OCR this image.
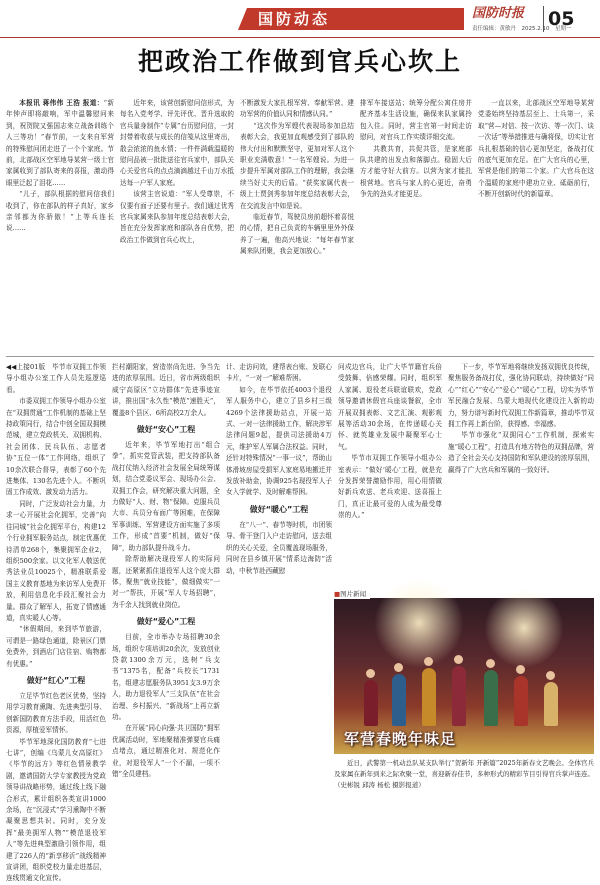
国防动态	国防时报 05
责任编辑：黄敏丹　2025.2.10　星期一
把政治工作做到官兵心坎上

本报讯 蒋伟伟 王浩 报道：“新年钟声即将敲响，军中温馨慰问来到，祝贺院又强国志来立战备训练个人三等功！”春节前，一支来自军营的特殊慰问团走进了一个个家庭。节前，北部战区空军地导某营一级士官家属收到了部队寄来的喜报，激动得眼里泛起了泪花……

“儿子，部队根据的慰问信我们收到了，你在部队的样子真好，家乡亲邻都为你骄傲！”上等兵连长说……

近年来，该营创新慰问信形式，为每名入党考学、评先评优、晋升选取的官兵量身制作“专属”台历慰问信，一封封带着收获与成长的信笺从这里寄出，散会浓浓的鱼水情；一件件满载温暖的慰问品被一批批送往官兵家中，部队关心关爱官兵的点点滴滴越过千山万水抵达每一户军人家庭。

该营主官说道：“军人受尊崇，不仅要有面子还要有里子。我们通过优秀官兵家属来队参加年度总结表彰大会，旨在充分发挥家庭和部队各自优势，把政治工作做到官兵心坎上，

不断激发大家扎根军营、奉献军营、建功军营的价值认同和情感认同。”

“这次作为军嫂代表现场参加总结表彰大会，我更加直观感受到了部队的伟大付出和默默坚守，更加对军人这个职业充满敬意！”一名军嫂说。为进一步提升军属对部队工作的理解，我会继续当好丈夫的后盾。“获奖家属代表一级上士贾剑秀参加年度总结表彰大会，在交流发言中如是说。

临近春节，驾驶员房前超怀着喜悦的心情，把自己负责的车辆里里外外保养了一遍，他高兴地说：“每年春节家属来队团聚，我会更加放心。”

排军车接送站；统筹分配公寓住房并配齐基本生活设施，确保来队家属拎包入住。同时，营主官第一时间走访慰问，对官兵工作实绩详细交流。

共教共育，共促共管，是家庭部队共建的出发点和落脚点。稳固大后方才能守好大前方。以营为家才能扎根营地。官兵与家人的心更近，奋勇争先的劲头才能更足。

一直以来，北部战区空军地导某营党委始终坚持基层至上、士兵第一，采取“营—对信、按一次访、等一次门、谈一次话”等举措推进与确将保，切实让官兵扎根基础的信心更加坚定，备战打仗的底气更加充足。在广大官兵的心里，军营是他们的第二个家。广大官兵在这个温暖的家庭中建功立业、砥砺前行，不断开创新时代的新篇章。

◀◀上接01版　毕节市双拥工作领导小组办公室工作人员先巡逻巡看。

市委双拥工作领导小组办公室在“双拥贯通”工作机制的基础上坚持政策同行，结合中创全国双拥模范城，建立党政机关、双拥机构、社会团体、民兵队伍、志愿者协“五位一体”工作网络，组织了10余次联合督导，表彰了60个先进集体、130名先进个人。不断巩固工作成效、激发动力活力。

同时，广泛发动社会力量，力求一心开展社会化拥军，完善“向往同城”社会化拥军平台，构建12个行业拥军服务站点，制定优惠优待清单268个，集聚拥军企业2，组织500余家。以文化军人敬送优秀法业员10025个，精准联系爱国主义教育基地为来访军人免费开放，利用信息化手段汇聚社会力量。群众了解军人，拓宽了情感通道，真实暖人心等。

“休假期间，来到毕节旅游，可谓是一路绿色通道，除景区门票免费外，到酒店门店住宿、购物都有优惠。”

做好“红心”工程

立足毕节红色老区优势，坚持用学习教育熏陶、先进典型引导、创新国防教育方法手段，用活红色资源，厚植爱军情怀。

毕节军地深化国防教育“七进七讲”，创编《乌蒙儿女高原红》《毕节的远方》等红色情景教学剧，邀请国防大学专家教授为党政领导讲战略形势，通过线上线下融合形式，累计组织各类宣讲1000余场，在“沉浸式”学习熏陶中不断凝聚思想共识。同时，充分发挥“最美拥军人物”“模范退役军人”等先进典型激励引领作用，组建了226人的“新享移沂”战线精神宣讲团，组织党校力量走进基层，连线贯通文化宣传。

拦村潮阳家，营造崇尚先进、争当先进的浓厚氛围。近日，省市两级组织威宁高原区“立功群体”先进事迹宣讲，推出国“永久性”模范“速胜天”，覆盖8个县区、6所高校2万余人。

做好“安心”工程

近年来，毕节军地打出“组合拳”，抓实党管武装，把支持部队备战打仗纳入经济社会发展全局统筹谋划，结合党委议军会、现场办公会、双拥工作会，研究解决重大问题，全力做好“人、财、物”保障。克服兵员大市、兵员分布面广等困难，在保障军事训练、军营建设方面实施了多项工作，形成“首要”机制，做好“保障”，助力部队提升战斗力。

除帮助解决现役军人的实际问题，还紧紧抓住退役军人这个庞大群体，聚焦“就业技能”，做细做实“一对一”帮扶，开展“军人专场招聘”，为千余人找到就业岗位。

做好“爱心”工程

目前，全市举办专场招聘30余场，组织专项培训20余次，发放创业贷款1300余万元，选树“兵支书”1375名，配备“兵校长”1731名，组建志愿服务队3951支3.9万余人，助力退役军人“三支队伍”在社会治理、乡村振兴、“新战场”上再立新功。

在开展“同心向强·共卫国防”拥军优属活动时，军地聚精准弹要官兵痛点堵点，通过精准化对、规范化作业，对退役军人“一个不漏，一项不错”全员建档。

计、走访问效，建帮表台账、发联心卡片，“一对一”解难帮困。

如今，在毕节依托4003个退役军人服务中心，建立了县乡村三级4269个法律援助站点，开展一站式、一对一法律援助工作，解决涉军法律问题9起，提供司法援助4万元，维护军人军属合法权益。同时，还针对特殊情况“一事一议”，帮助山体滑坡房屋受损军人家庭易地搬迁并发放补助金，协调925名现役军人子女入学就学、及时解难帮困。

做好“暖心”工程

在“八一”、春节等时机，市团领导、骨干登门入户走访慰问，送去组织的关心关爱，全员覆盖现场服务，同时在县乡镇开展“情系边海防”活动，中秋节赴西藏慰

问戍边官兵，让广大毕节籍官兵倍受鼓舞、倍感荣耀。同时，组织军人家属、退役老兵联谊联欢，党政领导邀请休假官兵座谈餐叙，全市开展双拥表彰、文艺汇演、观影观展等活动30余场，在传递暖心关怀、就英雄业发展中凝聚军心士气。

毕节市双拥工作领导小组办公室表示：“做好‘暖心’工程，就是充分发挥荣誉激励作用，用心用情做好新兵欢送、老兵欢迎、送喜报上门，真正让最可爱的人成为最受尊崇的人。”

下一步，毕节军地将继续发扬双拥优良传统，聚焦服务备战打仗，强化协同联动，持续做好“同心”“红心”“安心”“爱心”“暖心”工程，切实为毕节军民融合发展、乌蒙大地现代化建设注入新的动力，努力谱写新时代双拥工作新篇章，推动毕节双拥工作再上新台阶，获得感、幸福感。

毕节市强化“双拥同心”工作机制，探索实施“暖心工程”，打造具有地方特色的双拥品牌，营造了全社会关心支持国防和军队建设的浓厚氛围，赢得了广大官兵和军属的一致好评。

军营春晚年味足
■ 图片新闻

近日，武警第一机动总队某支队举行“贺新年 开新篇”2025年新春文艺晚会。全体官兵及家属在新年到来之际欢聚一堂，喜迎新春佳节，多种形式的精彩节目引得官兵掌声连连。（史彬锐 邱涛 杨松 摄影报道）
